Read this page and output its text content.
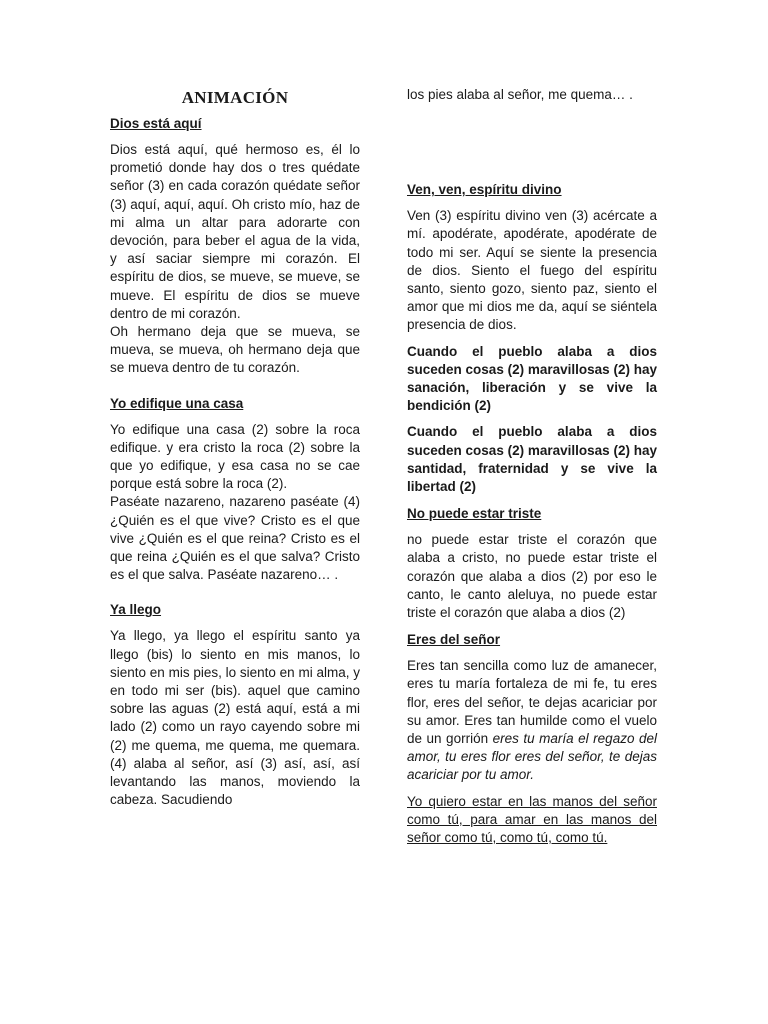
ANIMACIÓN
Dios está aquí
Dios está aquí, qué hermoso es, él lo prometió donde hay dos o tres quédate señor (3) en cada corazón quédate señor (3) aquí, aquí, aquí. Oh cristo mío, haz de mi alma un altar para adorarte con devoción, para beber el agua de la vida, y así saciar siempre mi corazón. El espíritu de dios, se mueve, se mueve, se mueve. El espíritu de dios se mueve dentro de mi corazón.
Oh hermano deja que se mueva, se mueva, se mueva, oh hermano deja que se mueva dentro de tu corazón.
Yo edifique una casa
Yo edifique una casa (2) sobre la roca edifique. y era cristo la roca (2) sobre la que yo edifique, y esa casa no se cae porque está sobre la roca (2).
Paséate nazareno, nazareno paséate (4) ¿Quién es el que vive? Cristo es el que vive ¿Quién es el que reina? Cristo es el que reina ¿Quién es el que salva? Cristo es el que salva. Paséate nazareno… .
Ya llego
Ya llego, ya llego el espíritu santo ya llego (bis) lo siento en mis manos, lo siento en mis pies, lo siento en mi alma, y en todo mi ser (bis). aquel que camino sobre las aguas (2) está aquí, está a mi lado (2) como un rayo cayendo sobre mi (2) me quema, me quema, me quemara. (4) alaba al señor, así (3) así, así, así levantando las manos, moviendo la cabeza. Sacudiendo
los pies alaba al señor, me quema… .
Ven, ven, espíritu divino
Ven (3) espíritu divino ven (3) acércate a mí. apodérate, apodérate, apodérate de todo mi ser. Aquí se siente la presencia de dios. Siento el fuego del espíritu santo, siento gozo, siento paz, siento el amor que mi dios me da, aquí se siéntela presencia de dios.
Cuando el pueblo alaba a dios suceden cosas (2) maravillosas (2) hay sanación, liberación y se vive la bendición (2)
Cuando el pueblo alaba a dios suceden cosas (2) maravillosas (2) hay santidad, fraternidad y se vive la libertad (2)
No puede estar triste
no puede estar triste el corazón que alaba a cristo, no puede estar triste el corazón que alaba a dios (2) por eso le canto, le canto aleluya, no puede estar triste el corazón que alaba a dios (2)
Eres del señor
Eres tan sencilla como luz de amanecer, eres tu maría fortaleza de mi fe, tu eres flor, eres del señor, te dejas acariciar por su amor. Eres tan humilde como el vuelo de un gorrión eres tu maría el regazo del amor, tu eres flor eres del señor, te dejas acariciar por tu amor.
Yo quiero estar en las manos del señor como tú, para amar en las manos del señor como tú, como tú, como tú.
